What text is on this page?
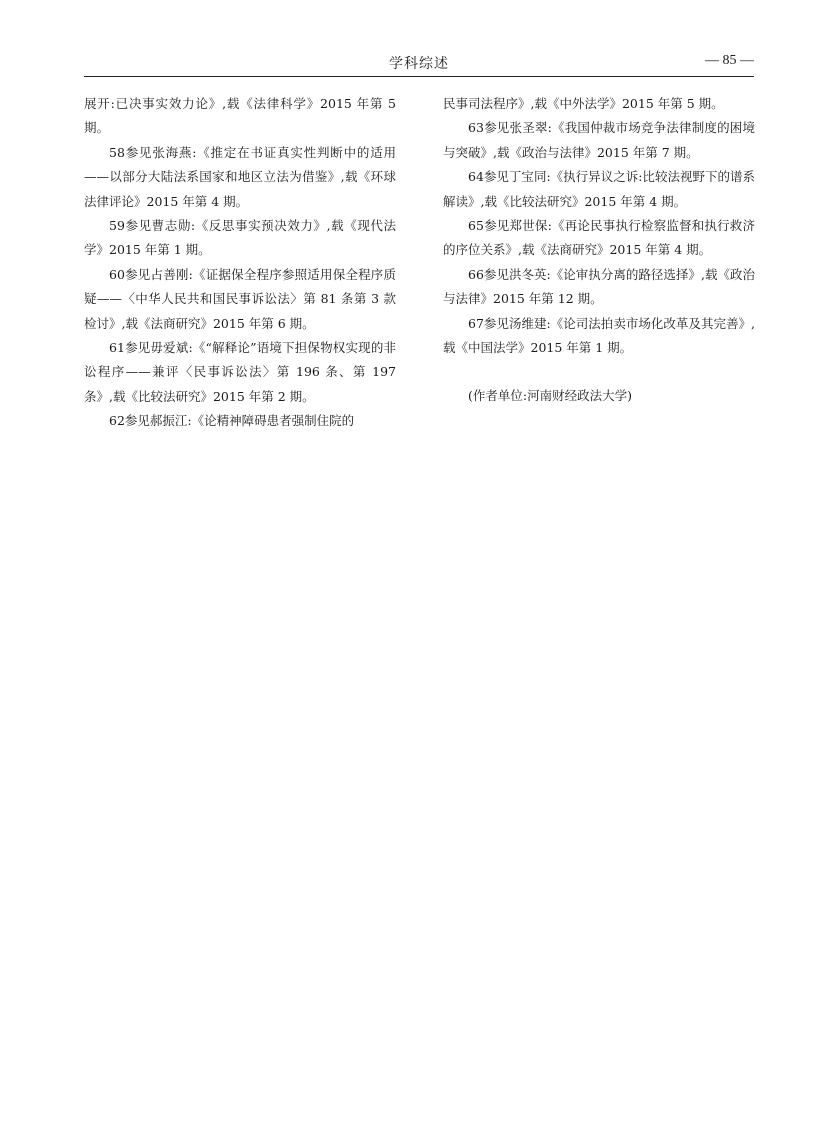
学科综述	— 85 —

展开:已决事实效力论》,载《法律科学》2015 年第 5 期。

58参见张海燕:《推定在书证真实性判断中的适用——以部分大陆法系国家和地区立法为借鉴》,载《环球法律评论》2015 年第 4 期。

59参见曹志勋:《反思事实预决效力》,载《现代法学》2015 年第 1 期。

60参见占善刚:《证据保全程序参照适用保全程序质疑——〈中华人民共和国民事诉讼法〉第 81 条第 3 款检讨》,载《法商研究》2015 年第 6 期。

61参见毋爱斌:《“解释论”语境下担保物权实现的非讼程序——兼评〈民事诉讼法〉第 196 条、第 197 条》,载《比较法研究》2015 年第 2 期。

62参见郝振江:《论精神障碍患者强制住院的

民事司法程序》,载《中外法学》2015 年第 5 期。

63参见张圣翠:《我国仲裁市场竞争法律制度的困境与突破》,载《政治与法律》2015 年第 7 期。

64参见丁宝同:《执行异议之诉:比较法视野下的谱系解读》,载《比较法研究》2015 年第 4 期。

65参见郑世保:《再论民事执行检察监督和执行救济的序位关系》,载《法商研究》2015 年第 4 期。

66参见洪冬英:《论审执分离的路径选择》,载《政治与法律》2015 年第 12 期。

67参见汤维建:《论司法拍卖市场化改革及其完善》,载《中国法学》2015 年第 1 期。

(作者单位:河南财经政法大学)
